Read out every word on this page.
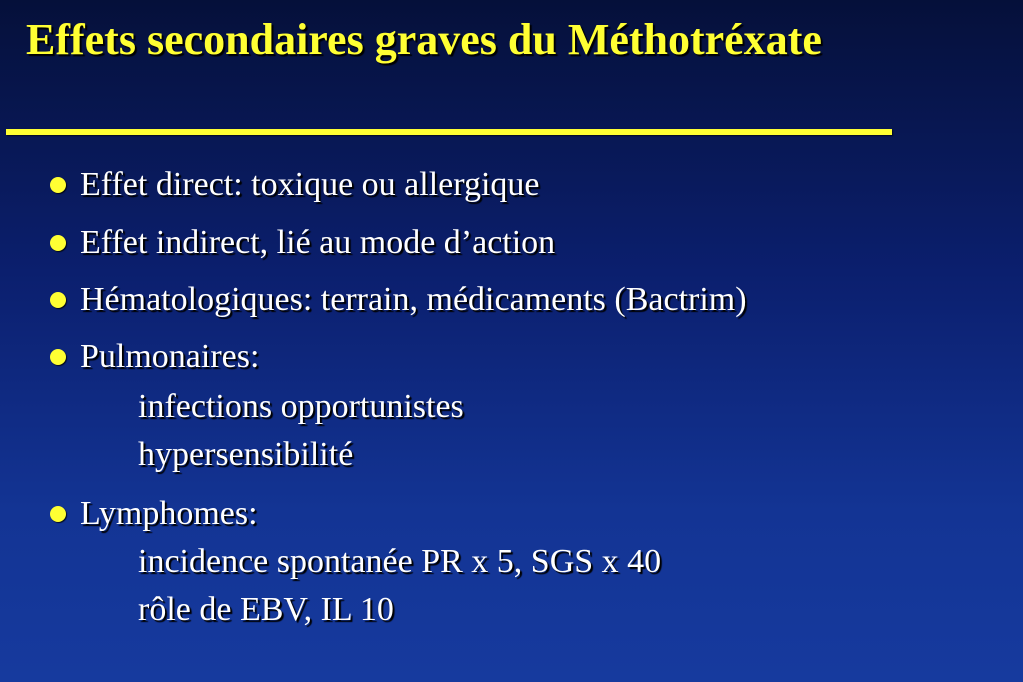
Effets secondaires graves du Méthotréxate
Effet direct: toxique ou allergique
Effet indirect, lié au mode d’action
Hématologiques: terrain, médicaments (Bactrim)
Pulmonaires:
infections opportunistes
hypersensibilité
Lymphomes:
incidence spontanée PR x 5, SGS x 40
rôle de EBV, IL 10
